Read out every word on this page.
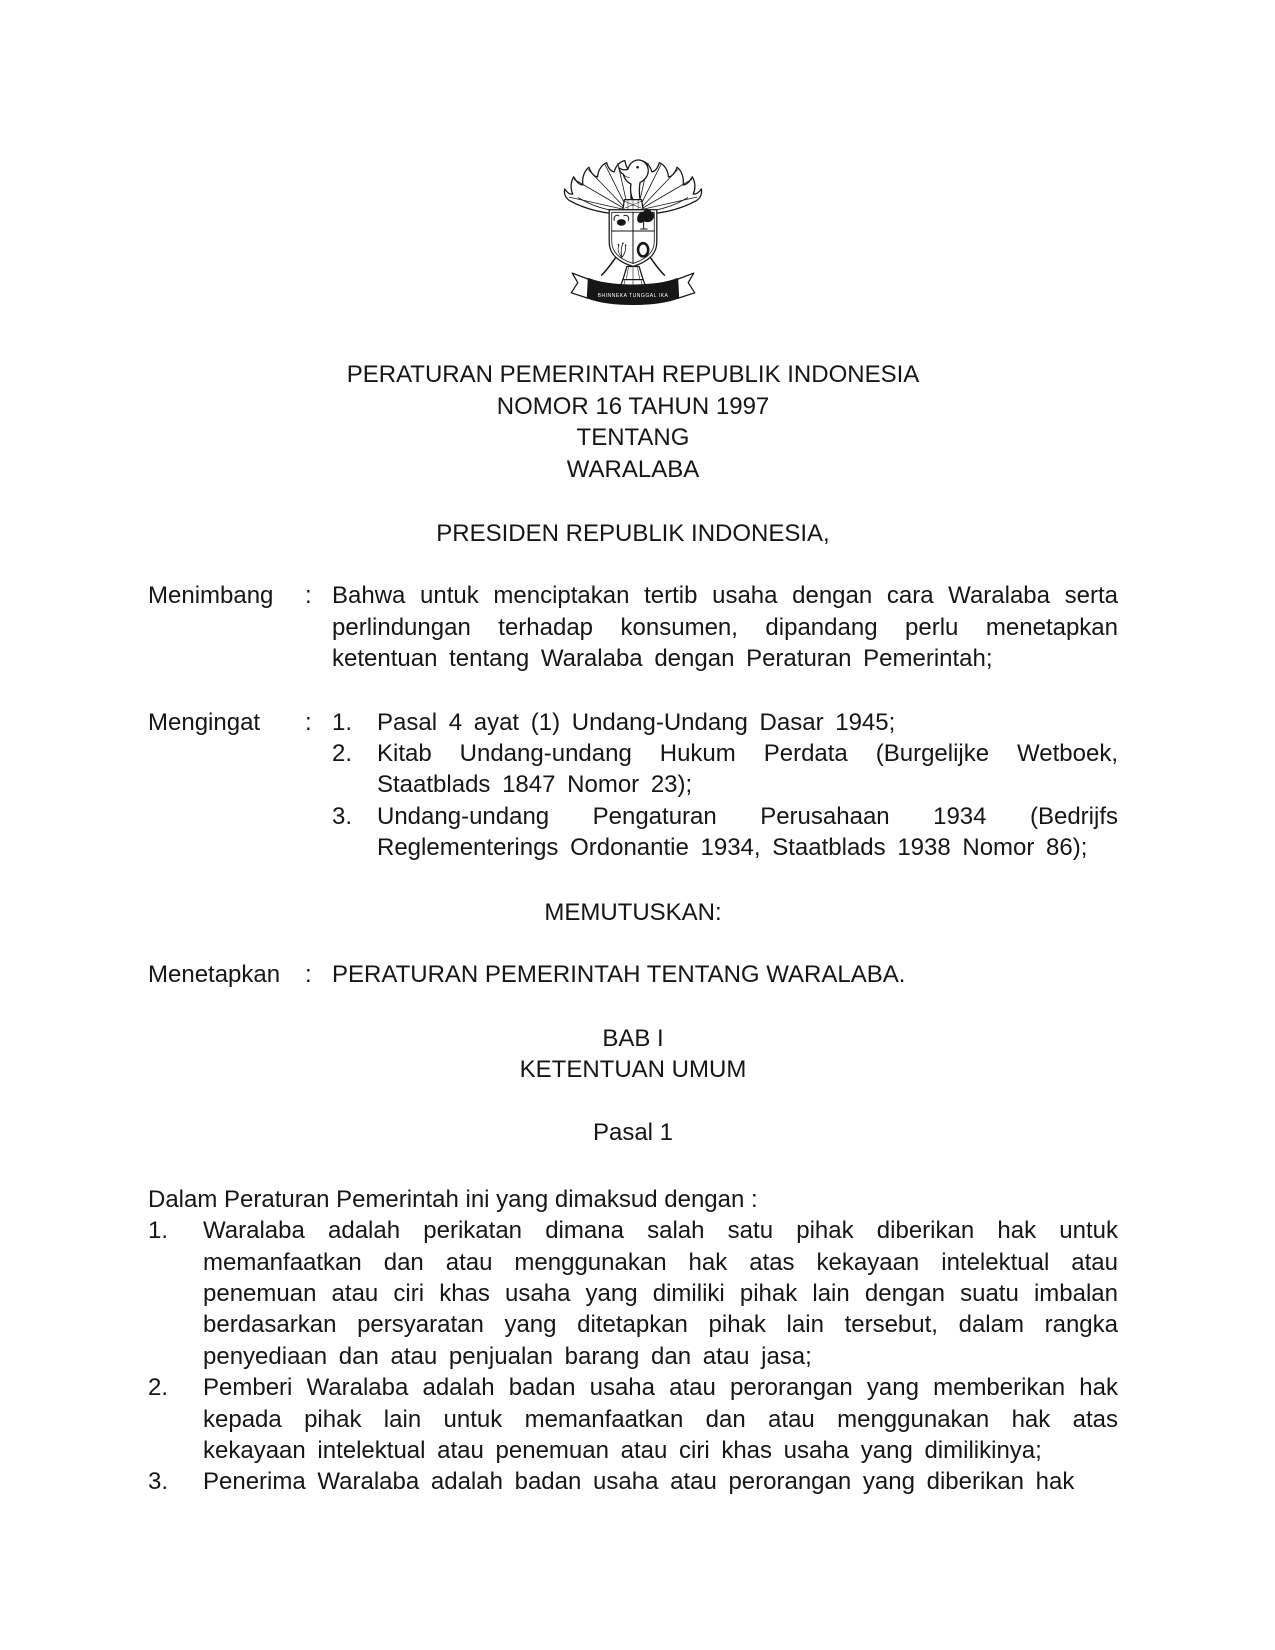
BHINNEKA TUNGGAL IKA
PERATURAN PEMERINTAH REPUBLIK INDONESIA
NOMOR 16 TAHUN 1997
TENTANG
WARALABA
PRESIDEN REPUBLIK INDONESIA,
Menimbang	: Bahwa untuk menciptakan tertib usaha dengan cara Waralaba serta perlindungan terhadap konsumen, dipandang perlu menetapkan ketentuan tentang Waralaba dengan Peraturan Pemerintah;
Mengingat	: 1.	Pasal 4 ayat (1) Undang-Undang Dasar 1945;
2.	Kitab Undang-undang Hukum Perdata (Burgelijke Wetboek, Staatblads 1847 Nomor 23);
3.	Undang-undang Pengaturan Perusahaan 1934 (Bedrijfs Reglementerings Ordonantie 1934, Staatblads 1938 Nomor 86);
MEMUTUSKAN:
Menetapkan	: PERATURAN PEMERINTAH TENTANG WARALABA.
BAB I
KETENTUAN UMUM
Pasal 1
Dalam Peraturan Pemerintah ini yang dimaksud dengan :
1.	Waralaba adalah perikatan dimana salah satu pihak diberikan hak untuk memanfaatkan dan atau menggunakan hak atas kekayaan intelektual atau penemuan atau ciri khas usaha yang dimiliki pihak lain dengan suatu imbalan berdasarkan persyaratan yang ditetapkan pihak lain tersebut, dalam rangka penyediaan dan atau penjualan barang dan atau jasa;
2.	Pemberi Waralaba adalah badan usaha atau perorangan yang memberikan hak kepada pihak lain untuk memanfaatkan dan atau menggunakan hak atas kekayaan intelektual atau penemuan atau ciri khas usaha yang dimilikinya;
3.	Penerima Waralaba adalah badan usaha atau perorangan yang diberikan hak
